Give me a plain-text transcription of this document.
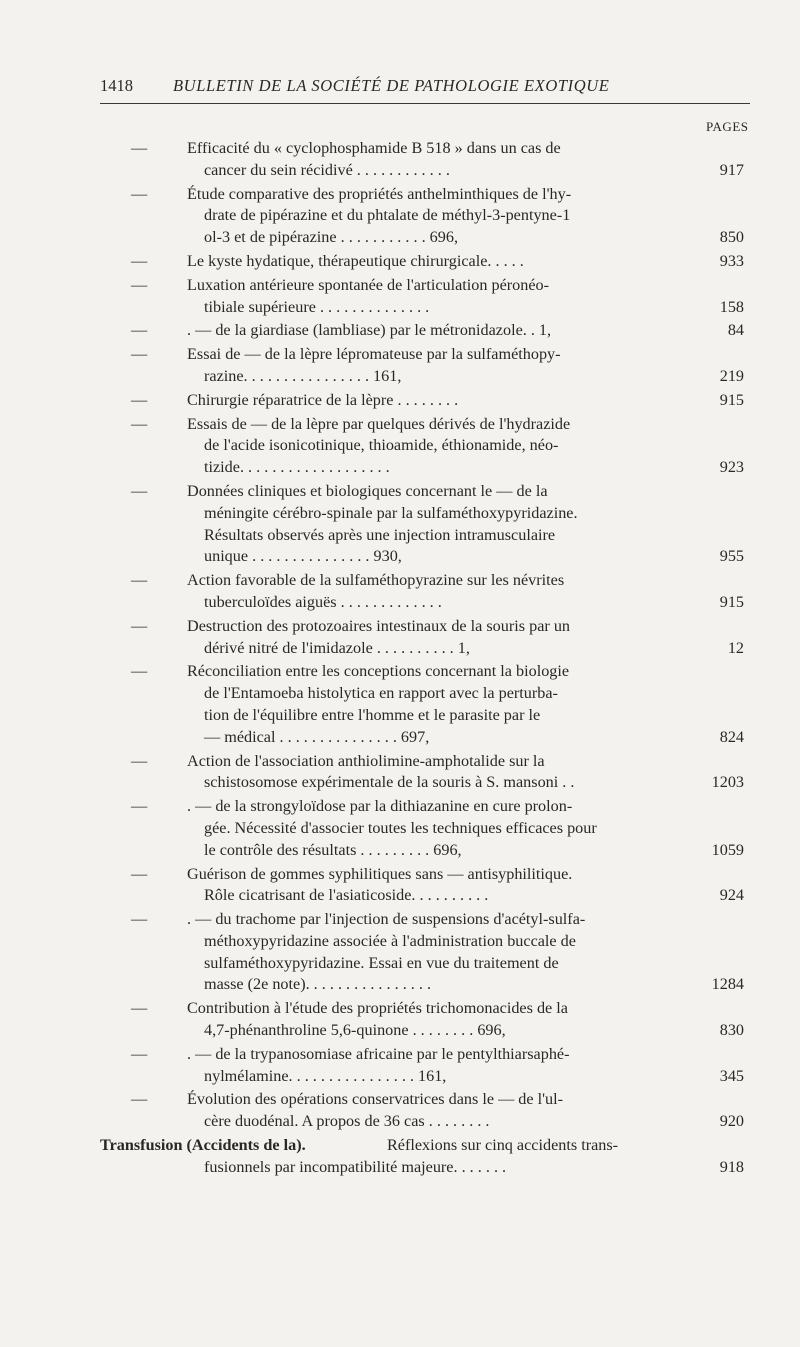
1418 BULLETIN DE LA SOCIÉTÉ DE PATHOLOGIE EXOTIQUE
PAGES
— Efficacité du « cyclophosphamide B 518 » dans un cas de
cancer du sein récidivé . . . . . . . . . . . .	917
— Étude comparative des propriétés anthelminthiques de l'hy-
drate de pipérazine et du phtalate de méthyl-3-pentyne-1
ol-3 et de pipérazine . . . . . . . . . . . 696,	850
— Le kyste hydatique, thérapeutique chirurgicale. . . . .	933
— Luxation antérieure spontanée de l'articulation péronéo-
tibiale supérieure . . . . . . . . . . . . . .	158
— . — de la giardiase (lambliase) par le métronidazole. . 1,	84
— Essai de — de la lèpre lépromateuse par la sulfaméthopy-
razine. . . . . . . . . . . . . . . . 161,	219
— Chirurgie réparatrice de la lèpre . . . . . . . .	915
— Essais de — de la lèpre par quelques dérivés de l'hydrazide
de l'acide isonicotinique, thioamide, éthionamide, néo-
tizide. . . . . . . . . . . . . . . . . . .	923
— Données cliniques et biologiques concernant le — de la
méningite cérébro-spinale par la sulfaméthoxypyridazine.
Résultats observés après une injection intramusculaire
unique . . . . . . . . . . . . . . . 930,	955
— Action favorable de la sulfaméthopyrazine sur les névrites
tuberculoïdes aiguës . . . . . . . . . . . . .	915
— Destruction des protozoaires intestinaux de la souris par un
dérivé nitré de l'imidazole . . . . . . . . . . 1,	12
— Réconciliation entre les conceptions concernant la biologie
de l'Entamoeba histolytica en rapport avec la perturba-
tion de l'équilibre entre l'homme et le parasite par le
— médical . . . . . . . . . . . . . . . 697,	824
— Action de l'association anthiolimine-amphotalide sur la
schistosomose expérimentale de la souris à S. mansoni . .	1203
— . — de la strongyloïdose par la dithiazanine en cure prolon-
gée. Nécessité d'associer toutes les techniques efficaces pour
le contrôle des résultats . . . . . . . . . 696,	1059
— Guérison de gommes syphilitiques sans — antisyphilitique.
Rôle cicatrisant de l'asiaticoside. . . . . . . . . .	924
— . — du trachome par l'injection de suspensions d'acétyl-sulfa-
méthoxypyridazine associée à l'administration buccale de
sulfaméthoxypyridazine. Essai en vue du traitement de
masse (2e note). . . . . . . . . . . . . . . .	1284
— Contribution à l'étude des propriétés trichomonacides de la
4,7-phénanthroline 5,6-quinone . . . . . . . . 696,	830
— . — de la trypanosomiase africaine par le pentylthiarsaphé-
nylmélamine. . . . . . . . . . . . . . . . 161,	345
— Évolution des opérations conservatrices dans le — de l'ul-
cère duodénal. A propos de 36 cas . . . . . . . .	920
Transfusion (Accidents de la).	Réflexions sur cinq accidents trans-
fusionnels par incompatibilité majeure. . . . . . .	918
